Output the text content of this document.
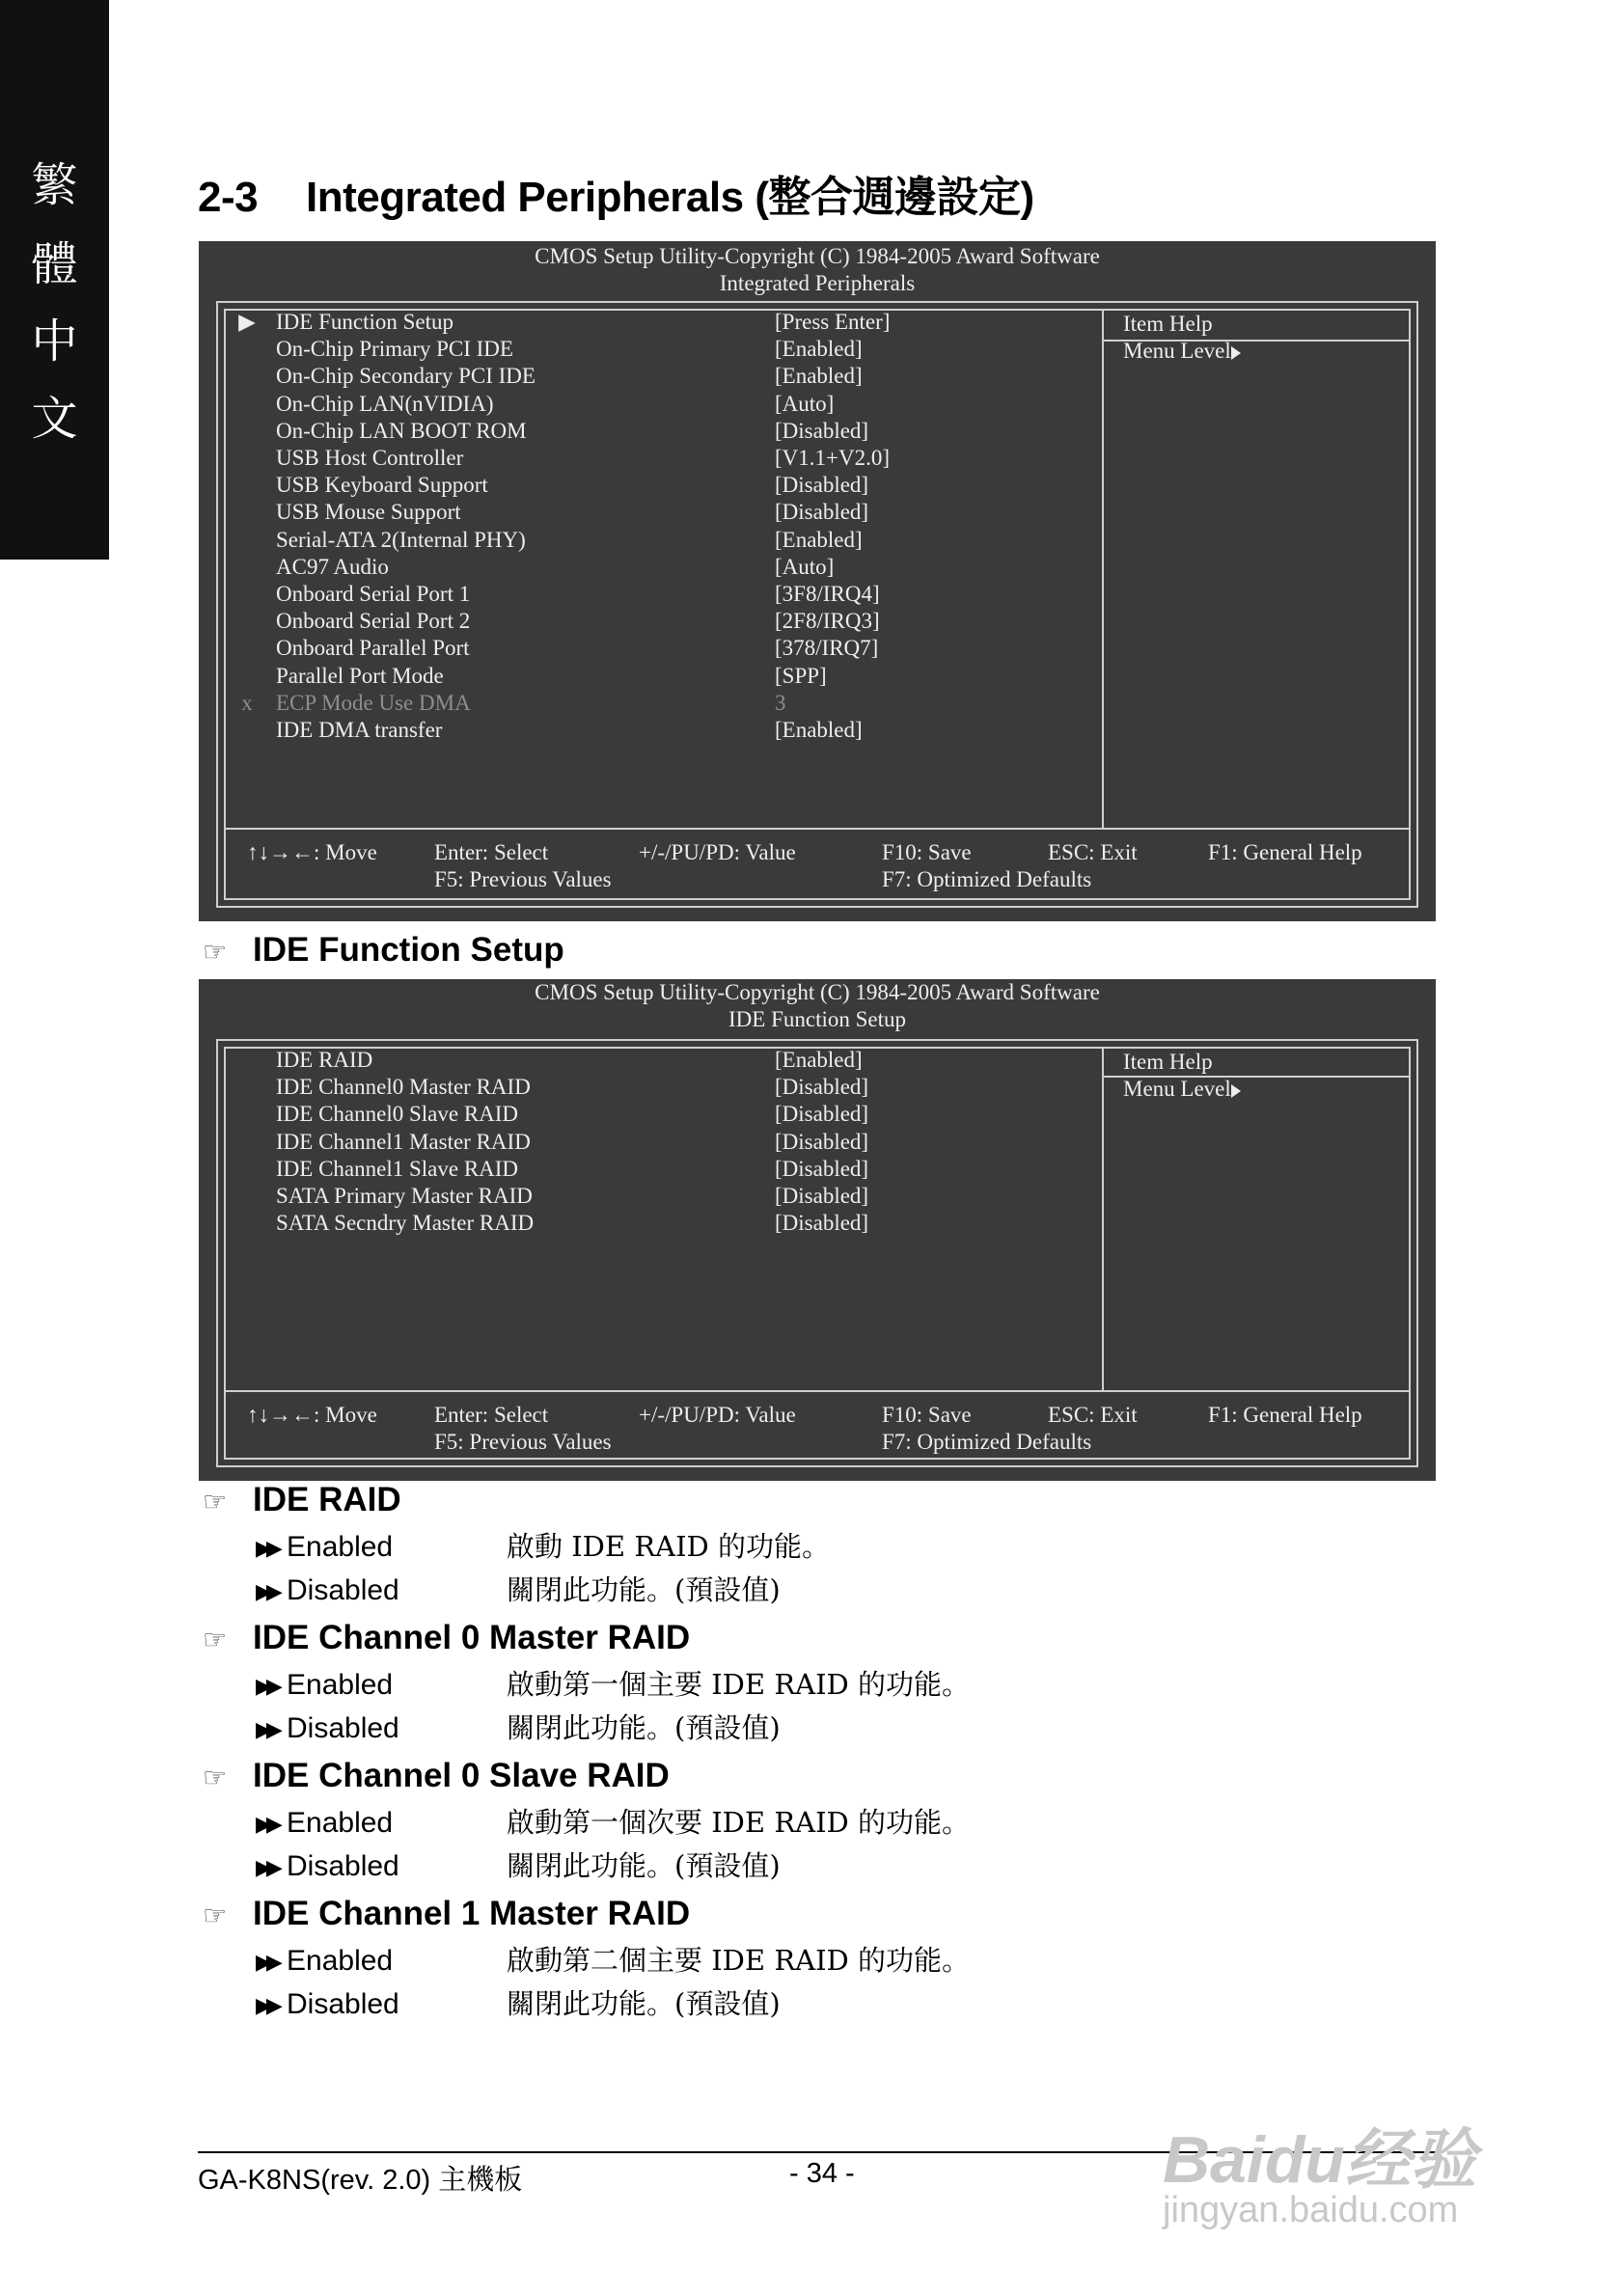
繁
體
中
文
2-3 Integrated Peripherals (整合週邊設定)
CMOS Setup Utility-Copyright (C) 1984-2005 Award Software
Integrated Peripherals
Item Help
Menu Level
▶ IDE Function Setup	[Press Enter]
On-Chip Primary PCI IDE	[Enabled]
On-Chip Secondary PCI IDE	[Enabled]
On-Chip LAN(nVIDIA)	[Auto]
On-Chip LAN BOOT ROM	[Disabled]
USB Host Controller	[V1.1+V2.0]
USB Keyboard Support	[Disabled]
USB Mouse Support	[Disabled]
Serial-ATA 2(Internal PHY)	[Enabled]
AC97 Audio	[Auto]
Onboard Serial Port 1	[3F8/IRQ4]
Onboard Serial Port 2	[2F8/IRQ3]
Onboard Parallel Port	[378/IRQ7]
Parallel Port Mode	[SPP]
x ECP Mode Use DMA	3
IDE DMA transfer	[Enabled]
↑↓→←: Move	Enter: Select	+/-/PU/PD: Value	F10: Save	ESC: Exit	F1: General Help
F5: Previous Values	F7: Optimized Defaults
☞ IDE Function Setup
CMOS Setup Utility-Copyright (C) 1984-2005 Award Software
IDE Function Setup
Item Help
Menu Level
IDE RAID	[Enabled]
IDE Channel0 Master RAID	[Disabled]
IDE Channel0 Slave RAID	[Disabled]
IDE Channel1 Master RAID	[Disabled]
IDE Channel1 Slave RAID	[Disabled]
SATA Primary Master RAID	[Disabled]
SATA Secndry Master RAID	[Disabled]
↑↓→←: Move	Enter: Select	+/-/PU/PD: Value	F10: Save	ESC: Exit	F1: General Help
F5: Previous Values	F7: Optimized Defaults
☞ IDE RAID
▶▶ Enabled	啟動 IDE RAID 的功能。
▶▶ Disabled	關閉此功能。(預設值)
☞ IDE Channel 0 Master RAID
▶▶ Enabled	啟動第一個主要 IDE RAID 的功能。
▶▶ Disabled	關閉此功能。(預設值)
☞ IDE Channel 0 Slave RAID
▶▶ Enabled	啟動第一個次要 IDE RAID 的功能。
▶▶ Disabled	關閉此功能。(預設值)
☞ IDE Channel 1 Master RAID
▶▶ Enabled	啟動第二個主要 IDE RAID 的功能。
▶▶ Disabled	關閉此功能。(預設值)
GA-K8NS(rev. 2.0) 主機板	- 34 -	Baidu经验
jingyan.baidu.com
